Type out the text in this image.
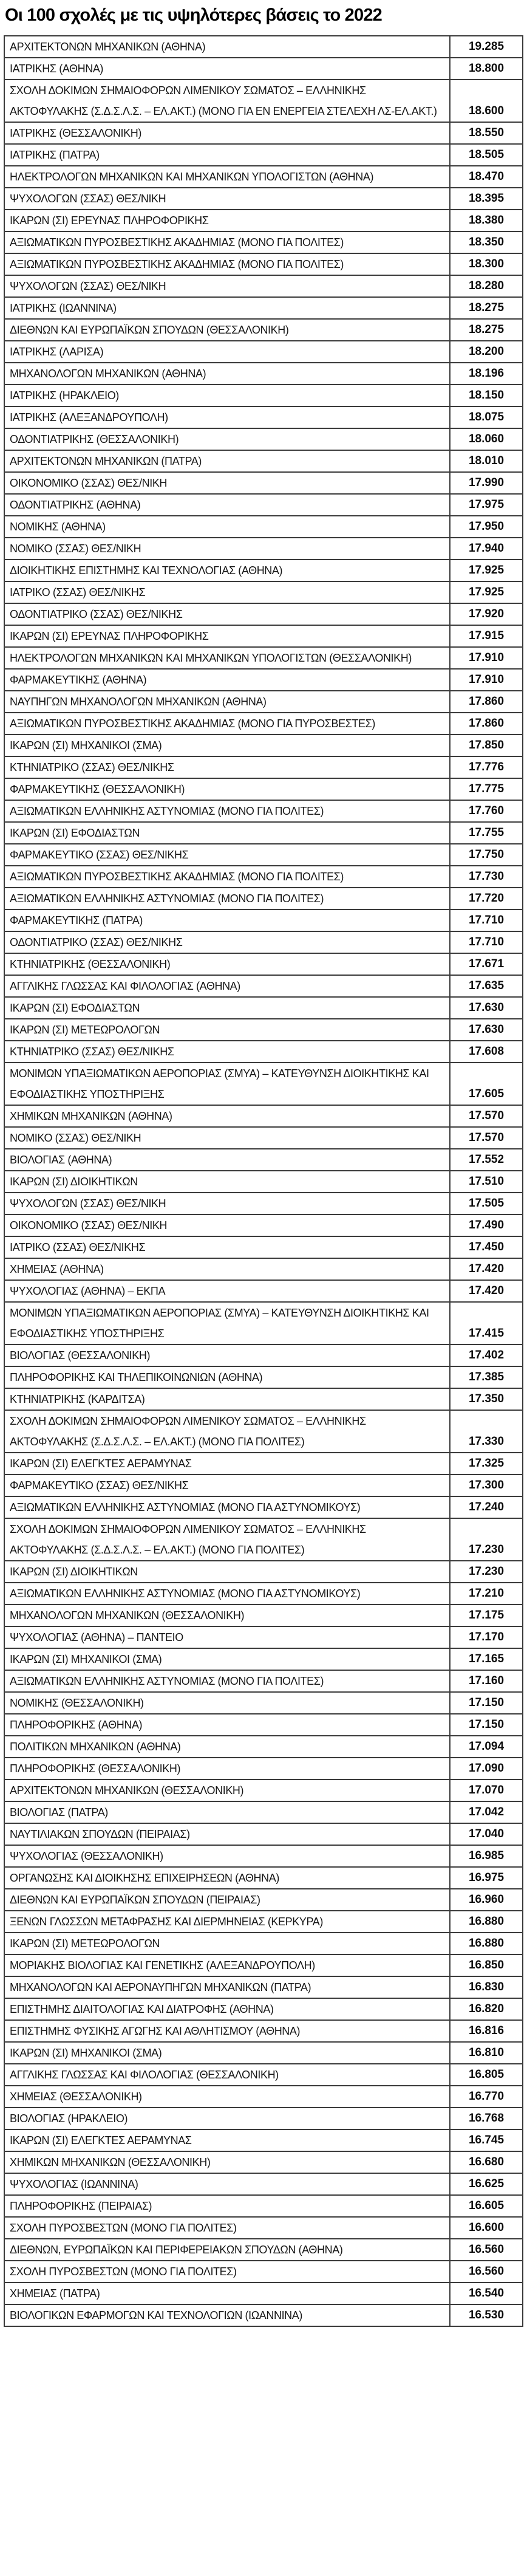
Οι 100 σχολές με τις υψηλότερες βάσεις το 2022
ΑΡΧΙΤΕΚΤΟΝΩΝ ΜΗΧΑΝΙΚΩΝ (ΑΘΗΝΑ)	19.285
ΙΑΤΡΙΚΗΣ (ΑΘΗΝΑ)	18.800
ΣΧΟΛΗ ΔΟΚΙΜΩΝ ΣΗΜΑΙΟΦΟΡΩΝ ΛΙΜΕΝΙΚΟΥ ΣΩΜΑΤΟΣ – ΕΛΛΗΝΙΚΗΣ ΑΚΤΟΦΥΛΑΚΗΣ (Σ.Δ.Σ.Λ.Σ. – ΕΛ.ΑΚΤ.) (ΜΟΝΟ ΓΙΑ ΕΝ ΕΝΕΡΓΕΙΑ ΣΤΕΛΕΧΗ ΛΣ-ΕΛ.ΑΚΤ.)	18.600
ΙΑΤΡΙΚΗΣ (ΘΕΣΣΑΛΟΝΙΚΗ)	18.550
ΙΑΤΡΙΚΗΣ (ΠΑΤΡΑ)	18.505
ΗΛΕΚΤΡΟΛΟΓΩΝ ΜΗΧΑΝΙΚΩΝ ΚΑΙ ΜΗΧΑΝΙΚΩΝ ΥΠΟΛΟΓΙΣΤΩΝ (ΑΘΗΝΑ)	18.470
ΨΥΧΟΛΟΓΩΝ (ΣΣΑΣ) ΘΕΣ/ΝΙΚΗ	18.395
ΙΚΑΡΩΝ (ΣΙ) ΕΡΕΥΝΑΣ ΠΛΗΡΟΦΟΡΙΚΗΣ	18.380
ΑΞΙΩΜΑΤΙΚΩΝ ΠΥΡΟΣΒΕΣΤΙΚΗΣ ΑΚΑΔΗΜΙΑΣ (ΜΟΝΟ ΓΙΑ ΠΟΛΙΤΕΣ)	18.350
ΑΞΙΩΜΑΤΙΚΩΝ ΠΥΡΟΣΒΕΣΤΙΚΗΣ ΑΚΑΔΗΜΙΑΣ (ΜΟΝΟ ΓΙΑ ΠΟΛΙΤΕΣ)	18.300
ΨΥΧΟΛΟΓΩΝ (ΣΣΑΣ) ΘΕΣ/ΝΙΚΗ	18.280
ΙΑΤΡΙΚΗΣ (ΙΩΑΝΝΙΝΑ)	18.275
ΔΙΕΘΝΩΝ ΚΑΙ ΕΥΡΩΠΑΪΚΩΝ ΣΠΟΥΔΩΝ (ΘΕΣΣΑΛΟΝΙΚΗ)	18.275
ΙΑΤΡΙΚΗΣ (ΛΑΡΙΣΑ)	18.200
ΜΗΧΑΝΟΛΟΓΩΝ ΜΗΧΑΝΙΚΩΝ (ΑΘΗΝΑ)	18.196
ΙΑΤΡΙΚΗΣ (ΗΡΑΚΛΕΙΟ)	18.150
ΙΑΤΡΙΚΗΣ (ΑΛΕΞΑΝΔΡΟΥΠΟΛΗ)	18.075
ΟΔΟΝΤΙΑΤΡΙΚΗΣ (ΘΕΣΣΑΛΟΝΙΚΗ)	18.060
ΑΡΧΙΤΕΚΤΟΝΩΝ ΜΗΧΑΝΙΚΩΝ (ΠΑΤΡΑ)	18.010
ΟΙΚΟΝΟΜΙΚΟ (ΣΣΑΣ) ΘΕΣ/ΝΙΚΗ	17.990
ΟΔΟΝΤΙΑΤΡΙΚΗΣ (ΑΘΗΝΑ)	17.975
ΝΟΜΙΚΗΣ (ΑΘΗΝΑ)	17.950
ΝΟΜΙΚΟ (ΣΣΑΣ) ΘΕΣ/ΝΙΚΗ	17.940
ΔΙΟΙΚΗΤΙΚΗΣ ΕΠΙΣΤΗΜΗΣ ΚΑΙ ΤΕΧΝΟΛΟΓΙΑΣ (ΑΘΗΝΑ)	17.925
ΙΑΤΡΙΚΟ (ΣΣΑΣ) ΘΕΣ/ΝΙΚΗΣ	17.925
ΟΔΟΝΤΙΑΤΡΙΚΟ (ΣΣΑΣ) ΘΕΣ/ΝΙΚΗΣ	17.920
ΙΚΑΡΩΝ (ΣΙ) ΕΡΕΥΝΑΣ ΠΛΗΡΟΦΟΡΙΚΗΣ	17.915
ΗΛΕΚΤΡΟΛΟΓΩΝ ΜΗΧΑΝΙΚΩΝ ΚΑΙ ΜΗΧΑΝΙΚΩΝ ΥΠΟΛΟΓΙΣΤΩΝ (ΘΕΣΣΑΛΟΝΙΚΗ)	17.910
ΦΑΡΜΑΚΕΥΤΙΚΗΣ (ΑΘΗΝΑ)	17.910
ΝΑΥΠΗΓΩΝ ΜΗΧΑΝΟΛΟΓΩΝ ΜΗΧΑΝΙΚΩΝ (ΑΘΗΝΑ)	17.860
ΑΞΙΩΜΑΤΙΚΩΝ ΠΥΡΟΣΒΕΣΤΙΚΗΣ ΑΚΑΔΗΜΙΑΣ (ΜΟΝΟ ΓΙΑ ΠΥΡΟΣΒΕΣΤΕΣ)	17.860
ΙΚΑΡΩΝ (ΣΙ) ΜΗΧΑΝΙΚΟΙ (ΣΜΑ)	17.850
ΚΤΗΝΙΑΤΡΙΚΟ (ΣΣΑΣ) ΘΕΣ/ΝΙΚΗΣ	17.776
ΦΑΡΜΑΚΕΥΤΙΚΗΣ (ΘΕΣΣΑΛΟΝΙΚΗ)	17.775
ΑΞΙΩΜΑΤΙΚΩΝ ΕΛΛΗΝΙΚΗΣ ΑΣΤΥΝΟΜΙΑΣ (ΜΟΝΟ ΓΙΑ ΠΟΛΙΤΕΣ)	17.760
ΙΚΑΡΩΝ (ΣΙ) ΕΦΟΔΙΑΣΤΩΝ	17.755
ΦΑΡΜΑΚΕΥΤΙΚΟ (ΣΣΑΣ) ΘΕΣ/ΝΙΚΗΣ	17.750
ΑΞΙΩΜΑΤΙΚΩΝ ΠΥΡΟΣΒΕΣΤΙΚΗΣ ΑΚΑΔΗΜΙΑΣ (ΜΟΝΟ ΓΙΑ ΠΟΛΙΤΕΣ)	17.730
ΑΞΙΩΜΑΤΙΚΩΝ ΕΛΛΗΝΙΚΗΣ ΑΣΤΥΝΟΜΙΑΣ (ΜΟΝΟ ΓΙΑ ΠΟΛΙΤΕΣ)	17.720
ΦΑΡΜΑΚΕΥΤΙΚΗΣ (ΠΑΤΡΑ)	17.710
ΟΔΟΝΤΙΑΤΡΙΚΟ (ΣΣΑΣ) ΘΕΣ/ΝΙΚΗΣ	17.710
ΚΤΗΝΙΑΤΡΙΚΗΣ (ΘΕΣΣΑΛΟΝΙΚΗ)	17.671
ΑΓΓΛΙΚΗΣ ΓΛΩΣΣΑΣ ΚΑΙ ΦΙΛΟΛΟΓΙΑΣ (ΑΘΗΝΑ)	17.635
ΙΚΑΡΩΝ (ΣΙ) ΕΦΟΔΙΑΣΤΩΝ	17.630
ΙΚΑΡΩΝ (ΣΙ) ΜΕΤΕΩΡΟΛΟΓΩΝ	17.630
ΚΤΗΝΙΑΤΡΙΚΟ (ΣΣΑΣ) ΘΕΣ/ΝΙΚΗΣ	17.608
ΜΟΝΙΜΩΝ ΥΠΑΞΙΩΜΑΤΙΚΩΝ ΑΕΡΟΠΟΡΙΑΣ (ΣΜΥΑ) – ΚΑΤΕΥΘΥΝΣΗ ΔΙΟΙΚΗΤΙΚΗΣ ΚΑΙ ΕΦΟΔΙΑΣΤΙΚΗΣ ΥΠΟΣΤΗΡΙΞΗΣ	17.605
ΧΗΜΙΚΩΝ ΜΗΧΑΝΙΚΩΝ (ΑΘΗΝΑ)	17.570
ΝΟΜΙΚΟ (ΣΣΑΣ) ΘΕΣ/ΝΙΚΗ	17.570
ΒΙΟΛΟΓΙΑΣ (ΑΘΗΝΑ)	17.552
ΙΚΑΡΩΝ (ΣΙ) ΔΙΟΙΚΗΤΙΚΩΝ	17.510
ΨΥΧΟΛΟΓΩΝ (ΣΣΑΣ) ΘΕΣ/ΝΙΚΗ	17.505
ΟΙΚΟΝΟΜΙΚΟ (ΣΣΑΣ) ΘΕΣ/ΝΙΚΗ	17.490
ΙΑΤΡΙΚΟ (ΣΣΑΣ) ΘΕΣ/ΝΙΚΗΣ	17.450
ΧΗΜΕΙΑΣ (ΑΘΗΝΑ)	17.420
ΨΥΧΟΛΟΓΙΑΣ (ΑΘΗΝΑ) – ΕΚΠΑ	17.420
ΜΟΝΙΜΩΝ ΥΠΑΞΙΩΜΑΤΙΚΩΝ ΑΕΡΟΠΟΡΙΑΣ (ΣΜΥΑ) – ΚΑΤΕΥΘΥΝΣΗ ΔΙΟΙΚΗΤΙΚΗΣ ΚΑΙ ΕΦΟΔΙΑΣΤΙΚΗΣ ΥΠΟΣΤΗΡΙΞΗΣ	17.415
ΒΙΟΛΟΓΙΑΣ (ΘΕΣΣΑΛΟΝΙΚΗ)	17.402
ΠΛΗΡΟΦΟΡΙΚΗΣ ΚΑΙ ΤΗΛΕΠΙΚΟΙΝΩΝΙΩΝ (ΑΘΗΝΑ)	17.385
ΚΤΗΝΙΑΤΡΙΚΗΣ (ΚΑΡΔΙΤΣΑ)	17.350
ΣΧΟΛΗ ΔΟΚΙΜΩΝ ΣΗΜΑΙΟΦΟΡΩΝ ΛΙΜΕΝΙΚΟΥ ΣΩΜΑΤΟΣ – ΕΛΛΗΝΙΚΗΣ ΑΚΤΟΦΥΛΑΚΗΣ (Σ.Δ.Σ.Λ.Σ. – ΕΛ.ΑΚΤ.) (ΜΟΝΟ ΓΙΑ ΠΟΛΙΤΕΣ)	17.330
ΙΚΑΡΩΝ (ΣΙ) ΕΛΕΓΚΤΕΣ ΑΕΡΑΜΥΝΑΣ	17.325
ΦΑΡΜΑΚΕΥΤΙΚΟ (ΣΣΑΣ) ΘΕΣ/ΝΙΚΗΣ	17.300
ΑΞΙΩΜΑΤΙΚΩΝ ΕΛΛΗΝΙΚΗΣ ΑΣΤΥΝΟΜΙΑΣ (ΜΟΝΟ ΓΙΑ ΑΣΤΥΝΟΜΙΚΟΥΣ)	17.240
ΣΧΟΛΗ ΔΟΚΙΜΩΝ ΣΗΜΑΙΟΦΟΡΩΝ ΛΙΜΕΝΙΚΟΥ ΣΩΜΑΤΟΣ – ΕΛΛΗΝΙΚΗΣ ΑΚΤΟΦΥΛΑΚΗΣ (Σ.Δ.Σ.Λ.Σ. – ΕΛ.ΑΚΤ.) (ΜΟΝΟ ΓΙΑ ΠΟΛΙΤΕΣ)	17.230
ΙΚΑΡΩΝ (ΣΙ) ΔΙΟΙΚΗΤΙΚΩΝ	17.230
ΑΞΙΩΜΑΤΙΚΩΝ ΕΛΛΗΝΙΚΗΣ ΑΣΤΥΝΟΜΙΑΣ (ΜΟΝΟ ΓΙΑ ΑΣΤΥΝΟΜΙΚΟΥΣ)	17.210
ΜΗΧΑΝΟΛΟΓΩΝ ΜΗΧΑΝΙΚΩΝ (ΘΕΣΣΑΛΟΝΙΚΗ)	17.175
ΨΥΧΟΛΟΓΙΑΣ (ΑΘΗΝΑ) – ΠΑΝΤΕΙΟ	17.170
ΙΚΑΡΩΝ (ΣΙ) ΜΗΧΑΝΙΚΟΙ (ΣΜΑ)	17.165
ΑΞΙΩΜΑΤΙΚΩΝ ΕΛΛΗΝΙΚΗΣ ΑΣΤΥΝΟΜΙΑΣ (ΜΟΝΟ ΓΙΑ ΠΟΛΙΤΕΣ)	17.160
ΝΟΜΙΚΗΣ (ΘΕΣΣΑΛΟΝΙΚΗ)	17.150
ΠΛΗΡΟΦΟΡΙΚΗΣ (ΑΘΗΝΑ)	17.150
ΠΟΛΙΤΙΚΩΝ ΜΗΧΑΝΙΚΩΝ (ΑΘΗΝΑ)	17.094
ΠΛΗΡΟΦΟΡΙΚΗΣ (ΘΕΣΣΑΛΟΝΙΚΗ)	17.090
ΑΡΧΙΤΕΚΤΟΝΩΝ ΜΗΧΑΝΙΚΩΝ (ΘΕΣΣΑΛΟΝΙΚΗ)	17.070
ΒΙΟΛΟΓΙΑΣ (ΠΑΤΡΑ)	17.042
ΝΑΥΤΙΛΙΑΚΩΝ ΣΠΟΥΔΩΝ (ΠΕΙΡΑΙΑΣ)	17.040
ΨΥΧΟΛΟΓΙΑΣ (ΘΕΣΣΑΛΟΝΙΚΗ)	16.985
ΟΡΓΑΝΩΣΗΣ ΚΑΙ ΔΙΟΙΚΗΣΗΣ ΕΠΙΧΕΙΡΗΣΕΩΝ (ΑΘΗΝΑ)	16.975
ΔΙΕΘΝΩΝ ΚΑΙ ΕΥΡΩΠΑΪΚΩΝ ΣΠΟΥΔΩΝ (ΠΕΙΡΑΙΑΣ)	16.960
ΞΕΝΩΝ ΓΛΩΣΣΩΝ ΜΕΤΑΦΡΑΣΗΣ ΚΑΙ ΔΙΕΡΜΗΝΕΙΑΣ (ΚΕΡΚΥΡΑ)	16.880
ΙΚΑΡΩΝ (ΣΙ) ΜΕΤΕΩΡΟΛΟΓΩΝ	16.880
ΜΟΡΙΑΚΗΣ ΒΙΟΛΟΓΙΑΣ ΚΑΙ ΓΕΝΕΤΙΚΗΣ (ΑΛΕΞΑΝΔΡΟΥΠΟΛΗ)	16.850
ΜΗΧΑΝΟΛΟΓΩΝ ΚΑΙ ΑΕΡΟΝΑΥΠΗΓΩΝ ΜΗΧΑΝΙΚΩΝ (ΠΑΤΡΑ)	16.830
ΕΠΙΣΤΗΜΗΣ ΔΙΑΙΤΟΛΟΓΙΑΣ ΚΑΙ ΔΙΑΤΡΟΦΗΣ (ΑΘΗΝΑ)	16.820
ΕΠΙΣΤΗΜΗΣ ΦΥΣΙΚΗΣ ΑΓΩΓΗΣ ΚΑΙ ΑΘΛΗΤΙΣΜΟΥ (ΑΘΗΝΑ)	16.816
ΙΚΑΡΩΝ (ΣΙ) ΜΗΧΑΝΙΚΟΙ (ΣΜΑ)	16.810
ΑΓΓΛΙΚΗΣ ΓΛΩΣΣΑΣ ΚΑΙ ΦΙΛΟΛΟΓΙΑΣ (ΘΕΣΣΑΛΟΝΙΚΗ)	16.805
ΧΗΜΕΙΑΣ (ΘΕΣΣΑΛΟΝΙΚΗ)	16.770
ΒΙΟΛΟΓΙΑΣ (ΗΡΑΚΛΕΙΟ)	16.768
ΙΚΑΡΩΝ (ΣΙ) ΕΛΕΓΚΤΕΣ ΑΕΡΑΜΥΝΑΣ	16.745
ΧΗΜΙΚΩΝ ΜΗΧΑΝΙΚΩΝ (ΘΕΣΣΑΛΟΝΙΚΗ)	16.680
ΨΥΧΟΛΟΓΙΑΣ (ΙΩΑΝΝΙΝΑ)	16.625
ΠΛΗΡΟΦΟΡΙΚΗΣ (ΠΕΙΡΑΙΑΣ)	16.605
ΣΧΟΛΗ ΠΥΡΟΣΒΕΣΤΩΝ (ΜΟΝΟ ΓΙΑ ΠΟΛΙΤΕΣ)	16.600
ΔΙΕΘΝΩΝ, ΕΥΡΩΠΑΪΚΩΝ ΚΑΙ ΠΕΡΙΦΕΡΕΙΑΚΩΝ ΣΠΟΥΔΩΝ (ΑΘΗΝΑ)	16.560
ΣΧΟΛΗ ΠΥΡΟΣΒΕΣΤΩΝ (ΜΟΝΟ ΓΙΑ ΠΟΛΙΤΕΣ)	16.560
ΧΗΜΕΙΑΣ (ΠΑΤΡΑ)	16.540
ΒΙΟΛΟΓΙΚΩΝ ΕΦΑΡΜΟΓΩΝ ΚΑΙ ΤΕΧΝΟΛΟΓΙΩΝ (ΙΩΑΝΝΙΝΑ)	16.530
